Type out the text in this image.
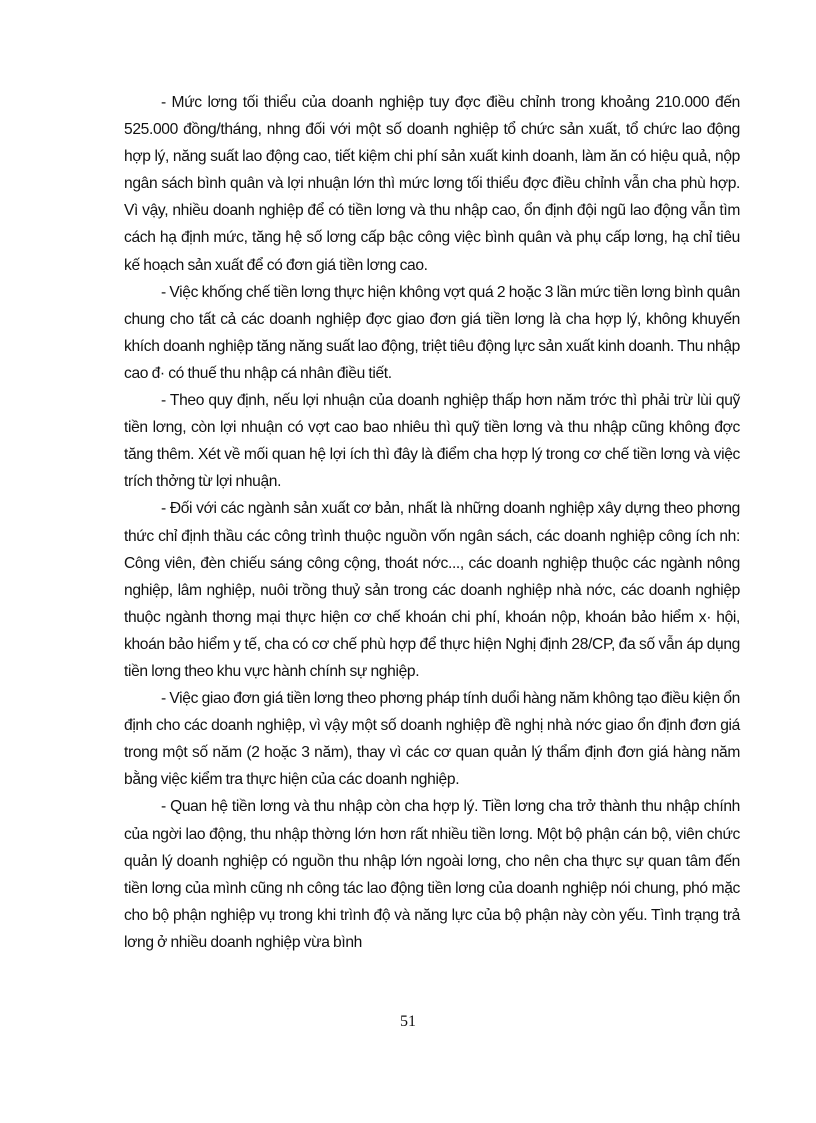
- Mức lơng tối thiểu của doanh nghiệp tuy đợc điều chỉnh trong khoảng 210.000 đến 525.000 đồng/tháng, nhng đối với một số doanh nghiệp tổ chức sản xuất, tổ chức lao động hợp lý, năng suất lao động cao, tiết kiệm chi phí sản xuất kinh doanh, làm ăn có hiệu quả, nộp ngân sách bình quân và lợi nhuận lớn thì mức lơng tối thiểu đợc điều chỉnh vẫn cha phù hợp. Vì vậy, nhiều doanh nghiệp để có tiền lơng và thu nhập cao, ổn định đội ngũ lao động vẫn tìm cách hạ định mức, tăng hệ số lơng cấp bậc công việc bình quân và phụ cấp lơng, hạ chỉ tiêu kế hoạch sản xuất để có đơn giá tiền lơng cao.

- Việc khống chế tiền lơng thực hiện không vợt quá 2 hoặc 3 lần mức tiền lơng bình quân chung cho tất cả các doanh nghiệp đợc giao đơn giá tiền lơng là cha hợp lý, không khuyến khích doanh nghiệp tăng năng suất lao động, triệt tiêu động lực sản xuất kinh doanh. Thu nhập cao đ· có thuế thu nhập cá nhân điều tiết.

- Theo quy định, nếu lợi nhuận của doanh nghiệp thấp hơn năm trớc thì phải trừ lùi quỹ tiền lơng, còn lợi nhuận có vợt cao bao nhiêu thì quỹ tiền lơng và thu nhập cũng không đợc tăng thêm. Xét về mối quan hệ lợi ích thì đây là điểm cha hợp lý trong cơ chế tiền lơng và việc trích thởng từ lợi nhuận.

- Đối với các ngành sản xuất cơ bản, nhất là những doanh nghiệp xây dựng theo phơng thức chỉ định thầu các công trình thuộc nguồn vốn ngân sách, các doanh nghiệp công ích nh: Công viên, đèn chiếu sáng công cộng, thoát nớc..., các doanh nghiệp thuộc các ngành nông nghiệp, lâm nghiệp, nuôi trồng thuỷ sản trong các doanh nghiệp nhà nớc, các doanh nghiệp thuộc ngành thơng mại thực hiện cơ chế khoán chi phí, khoán nộp, khoán bảo hiểm x· hội, khoán bảo hiểm y tế, cha có cơ chế phù hợp để thực hiện Nghị định 28/CP, đa số vẫn áp dụng tiền lơng theo khu vực hành chính sự nghiệp.

- Việc giao đơn giá tiền lơng theo phơng pháp tính duổi hàng năm không tạo điều kiện ổn định cho các doanh nghiệp, vì vậy một số doanh nghiệp đề nghị nhà nớc giao ổn định đơn giá trong một số năm (2 hoặc 3 năm), thay vì các cơ quan quản lý thẩm định đơn giá hàng năm bằng việc kiểm tra thực hiện của các doanh nghiệp.

- Quan hệ tiền lơng và thu nhập còn cha hợp lý. Tiền lơng cha trở thành thu nhập chính của ngời lao động, thu nhập thờng lớn hơn rất nhiều tiền lơng. Một bộ phận cán bộ, viên chức quản lý doanh nghiệp có nguồn thu nhập lớn ngoài lơng, cho nên cha thực sự quan tâm đến tiền lơng của mình cũng nh công tác lao động tiền lơng của doanh nghiệp nói chung, phó mặc cho bộ phận nghiệp vụ trong khi trình độ và năng lực của bộ phận này còn yếu. Tình trạng trả lơng ở nhiều doanh nghiệp vừa bình

51
